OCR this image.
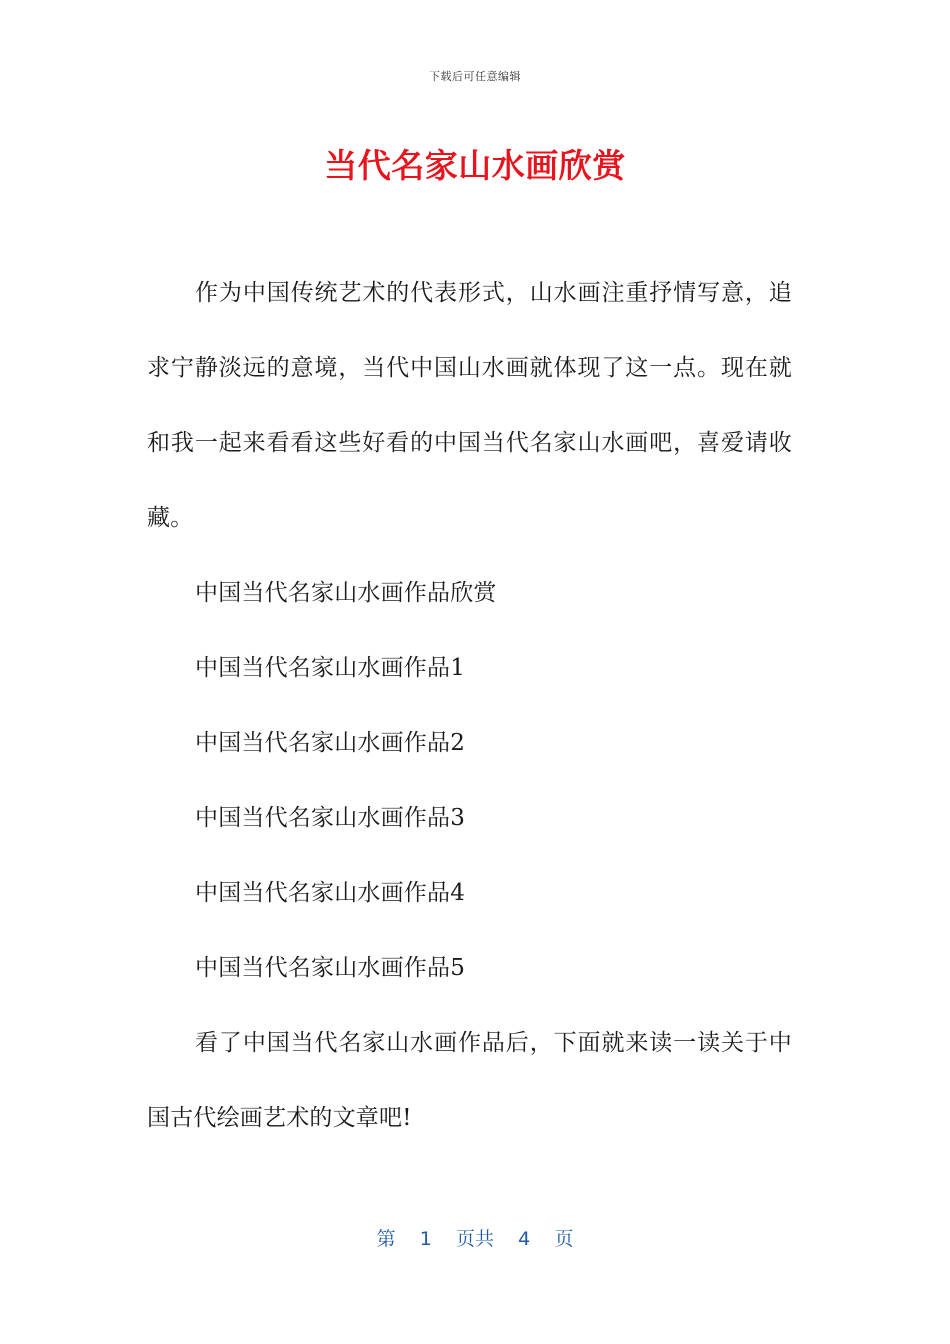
下载后可任意编辑
当代名家山水画欣赏

作为中国传统艺术的代表形式，山水画注重抒情写意，追求宁静淡远的意境，当代中国山水画就体现了这一点。现在就和我一起来看看这些好看的中国当代名家山水画吧，喜爱请收藏。

中国当代名家山水画作品欣赏

中国当代名家山水画作品1

中国当代名家山水画作品2

中国当代名家山水画作品3

中国当代名家山水画作品4

中国当代名家山水画作品5

看了中国当代名家山水画作品后，下面就来读一读关于中国古代绘画艺术的文章吧!

第 1 页共 4 页
